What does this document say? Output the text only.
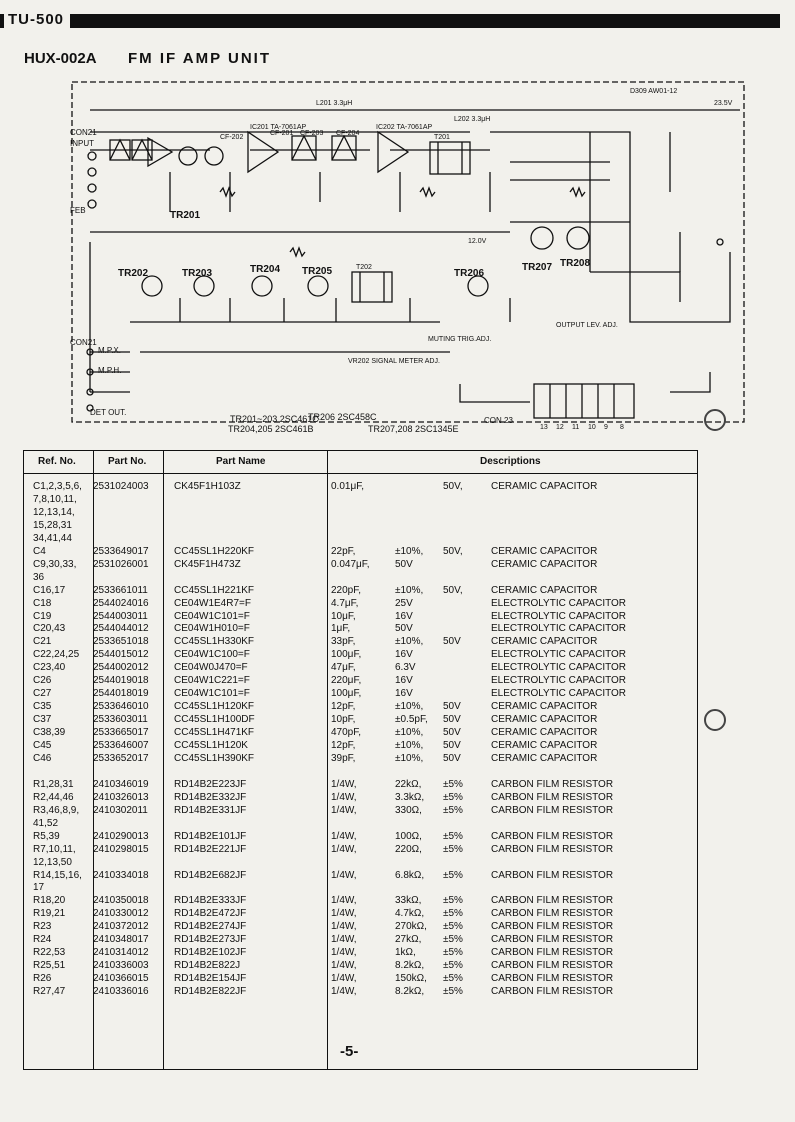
TU-500
HUX-002A FM IF AMP UNIT
TR201
TR202	TR203	TR204 TR205	TR206
TR207 TR208
CON21
INPUT
FEB
CON21
M.P.X.
M.P.H.
DET OUT.
VR202 SIGNAL METER ADJ.
OUTPUT LEV. ADJ.
MUTING TRIG.ADJ.
IC201 TA-7061AP	IC202 TA-7061AP
CF-201
CF-202
CF-203 CF-204
T201
T202
D309 AW01-12
L201 3.3μH
L202 3.3μH
23.5V
12.0V
TR201~203 2SC461C
TR206 2SC458C
TR204,205 2SC461B	TR207,208 2SC1345E
CON 23
13 12 11 10 9 8
Ref. No.	Part No.	Part Name	Descriptions
C1,2,3,5,6, 2531024003	CK45F1H103Z	0.01μF,	50V,	CERAMIC CAPACITOR
7,8,10,11,
12,13,14,
15,28,31
34,41,44
C4	2533649017	CC45SL1H220KF	22pF,	±10%, 50V,	CERAMIC CAPACITOR
C9,30,33, 2531026001	CK45F1H473Z	0.047μF,	50V	CERAMIC CAPACITOR
36
C16,17	2533661011	CC45SL1H221KF	220pF,	±10%, 50V,	CERAMIC CAPACITOR
C18	2544024016	CE04W1E4R7=F	4.7μF,	25V	ELECTROLYTIC CAPACITOR
C19	2544003011	CE04W1C101=F	10μF,	16V	ELECTROLYTIC CAPACITOR
C20,43	2544044012	CE04W1H010=F	1μF,	50V	ELECTROLYTIC CAPACITOR
C21	2533651018	CC45SL1H330KF	33pF,	±10%, 50V	CERAMIC CAPACITOR
C22,24,25 2544015012	CE04W1C100=F	100μF,	16V	ELECTROLYTIC CAPACITOR
C23,40	2544002012	CE04W0J470=F	47μF,	6.3V	ELECTROLYTIC CAPACITOR
C26	2544019018	CE04W1C221=F	220μF,	16V	ELECTROLYTIC CAPACITOR
C27	2544018019	CE04W1C101=F	100μF,	16V	ELECTROLYTIC CAPACITOR
C35	2533646010	CC45SL1H120KF	12pF,	±10%, 50V	CERAMIC CAPACITOR
C37	2533603011	CC45SL1H100DF	10pF,	±0.5pF, 50V	CERAMIC CAPACITOR
C38,39	2533665017	CC45SL1H471KF	470pF,	±10%, 50V	CERAMIC CAPACITOR
C45	2533646007	CC45SL1H120K	12pF,	±10%, 50V	CERAMIC CAPACITOR
C46	2533652017	CC45SL1H390KF	39pF,	±10%, 50V	CERAMIC CAPACITOR
R1,28,31 2410346019	RD14B2E223JF	1/4W,	22kΩ, ±5%	CARBON FILM RESISTOR
R2,44,46 2410326013	RD14B2E332JF	1/4W,	3.3kΩ, ±5%	CARBON FILM RESISTOR
R3,46,8,9, 2410302011	RD14B2E331JF	1/4W,	330Ω, ±5%	CARBON FILM RESISTOR
41,52
R5,39	2410290013	RD14B2E101JF	1/4W,	100Ω, ±5%	CARBON FILM RESISTOR
R7,10,11, 2410298015	RD14B2E221JF	1/4W,	220Ω, ±5%	CARBON FILM RESISTOR
12,13,50
R14,15,16, 2410334018	RD14B2E682JF	1/4W,	6.8kΩ, ±5%	CARBON FILM RESISTOR
17
R18,20	2410350018	RD14B2E333JF	1/4W,	33kΩ, ±5%	CARBON FILM RESISTOR
R19,21	2410330012	RD14B2E472JF	1/4W,	4.7kΩ, ±5%	CARBON FILM RESISTOR
R23	2410372012	RD14B2E274JF	1/4W,	270kΩ, ±5%	CARBON FILM RESISTOR
R24	2410348017	RD14B2E273JF	1/4W,	27kΩ, ±5%	CARBON FILM RESISTOR
R22,53	2410314012	RD14B2E102JF	1/4W,	1kΩ,	±5%	CARBON FILM RESISTOR
R25,51	2410336003	RD14B2E822J	1/4W,	8.2kΩ, ±5%	CARBON FILM RESISTOR
R26	2410366015	RD14B2E154JF	1/4W,	150kΩ, ±5%	CARBON FILM RESISTOR
R27,47	2410336016	RD14B2E822JF	1/4W,	8.2kΩ, ±5%	CARBON FILM RESISTOR
-5-
